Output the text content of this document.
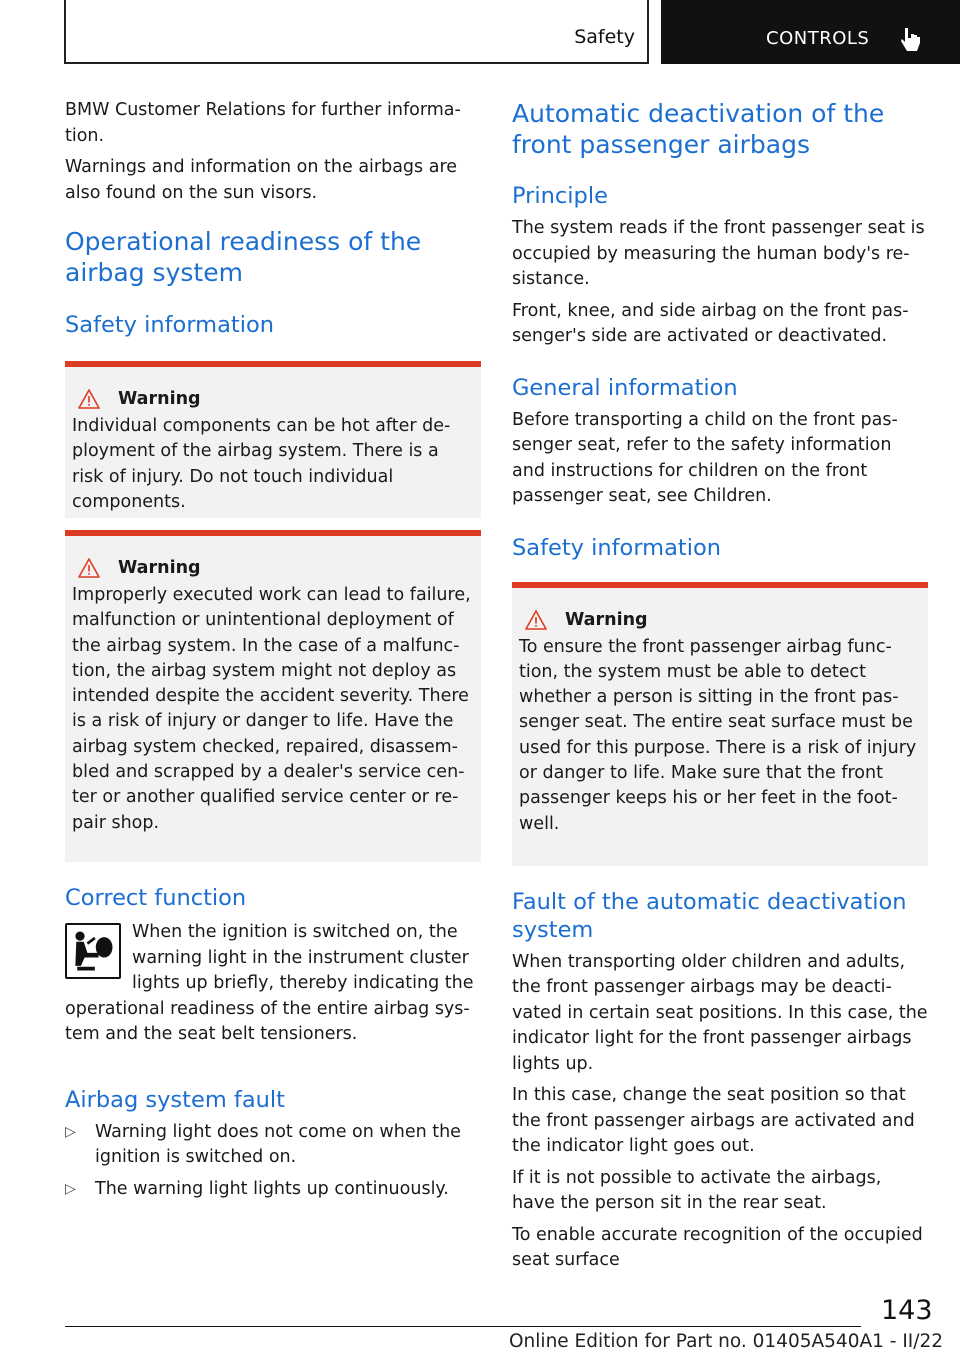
Safety	CONTROLS

BMW Customer Relations for further informa‐tion.

Warnings and information on the airbags are also found on the sun visors.

Operational readiness of the airbag system
Safety information
Warning

Individual components can be hot after de‐ployment of the airbag system. There is a risk of injury. Do not touch individual components.

Warning

Improperly executed work can lead to failure, malfunction or unintentional deployment of the airbag system. In the case of a malfunc‐tion, the airbag system might not deploy as intended despite the accident severity. There is a risk of injury or danger to life. Have the airbag system checked, repaired, disassem‐bled and scrapped by a dealer's service cen‐ter or another qualified service center or re‐pair shop.

Correct function

When the ignition is switched on, the warning light in the instrument cluster lights up briefly, thereby indicating the operational readiness of the entire airbag sys‐tem and the seat belt tensioners.

Airbag system fault
▷	Warning light does not come on when the ignition is switched on.

▷	The warning light lights up continuously.

Automatic deactivation of the front passenger airbags
Principle

The system reads if the front passenger seat is occupied by measuring the human body's re‐sistance.

Front, knee, and side airbag on the front pas‐senger's side are activated or deactivated.

General information

Before transporting a child on the front pas‐senger seat, refer to the safety information and instructions for children on the front passenger seat, see Children.

Safety information
Warning

To ensure the front passenger airbag func‐tion, the system must be able to detect whether a person is sitting in the front pas‐senger seat. The entire seat surface must be used for this purpose. There is a risk of injury or danger to life. Make sure that the front passenger keeps his or her feet in the foot‐well.

Fault of the automatic deactivation system

When transporting older children and adults, the front passenger airbags may be deacti‐vated in certain seat positions. In this case, the indicator light for the front passenger airbags lights up.

In this case, change the seat position so that the front passenger airbags are activated and the indicator light goes out.

If it is not possible to activate the airbags, have the person sit in the rear seat.

To enable accurate recognition of the occupied seat surface

143
Online Edition for Part no. 01405A540A1 - II/22
